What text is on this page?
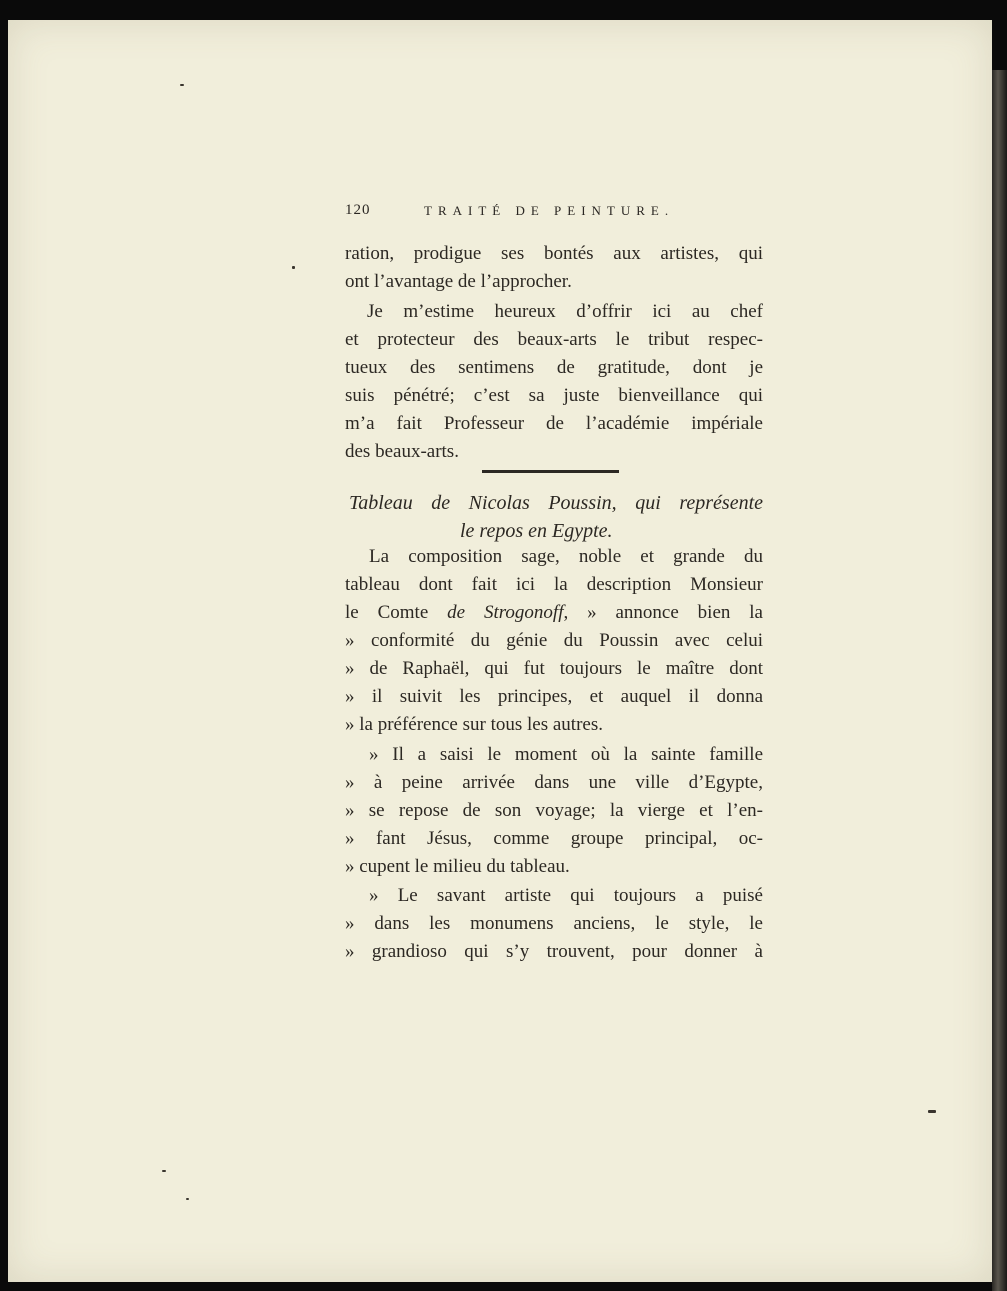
120	TRAITÉ DE PEINTURE.
ration, prodigue ses bontés aux artistes, qui
ont l’avantage de l’approcher.
Je m’estime heureux d’offrir ici au chef
et protecteur des beaux-arts le tribut respec-
tueux des sentimens de gratitude, dont je
suis pénétré; c’est sa juste bienveillance qui
m’a fait Professeur de l’académie impériale
des beaux-arts.
Tableau de Nicolas Poussin, qui représente
le repos en Egypte.
La composition sage, noble et grande du
tableau dont fait ici la description Monsieur
le Comte de Strogonoff, » annonce bien la
» conformité du génie du Poussin avec celui
» de Raphaël, qui fut toujours le maître dont
» il suivit les principes, et auquel il donna
» la préférence sur tous les autres.
» Il a saisi le moment où la sainte famille
» à peine arrivée dans une ville d’Egypte,
» se repose de son voyage; la vierge et l’en-
» fant Jésus, comme groupe principal, oc-
» cupent le milieu du tableau.
» Le savant artiste qui toujours a puisé
» dans les monumens anciens, le style, le
» grandioso qui s’y trouvent, pour donner à
